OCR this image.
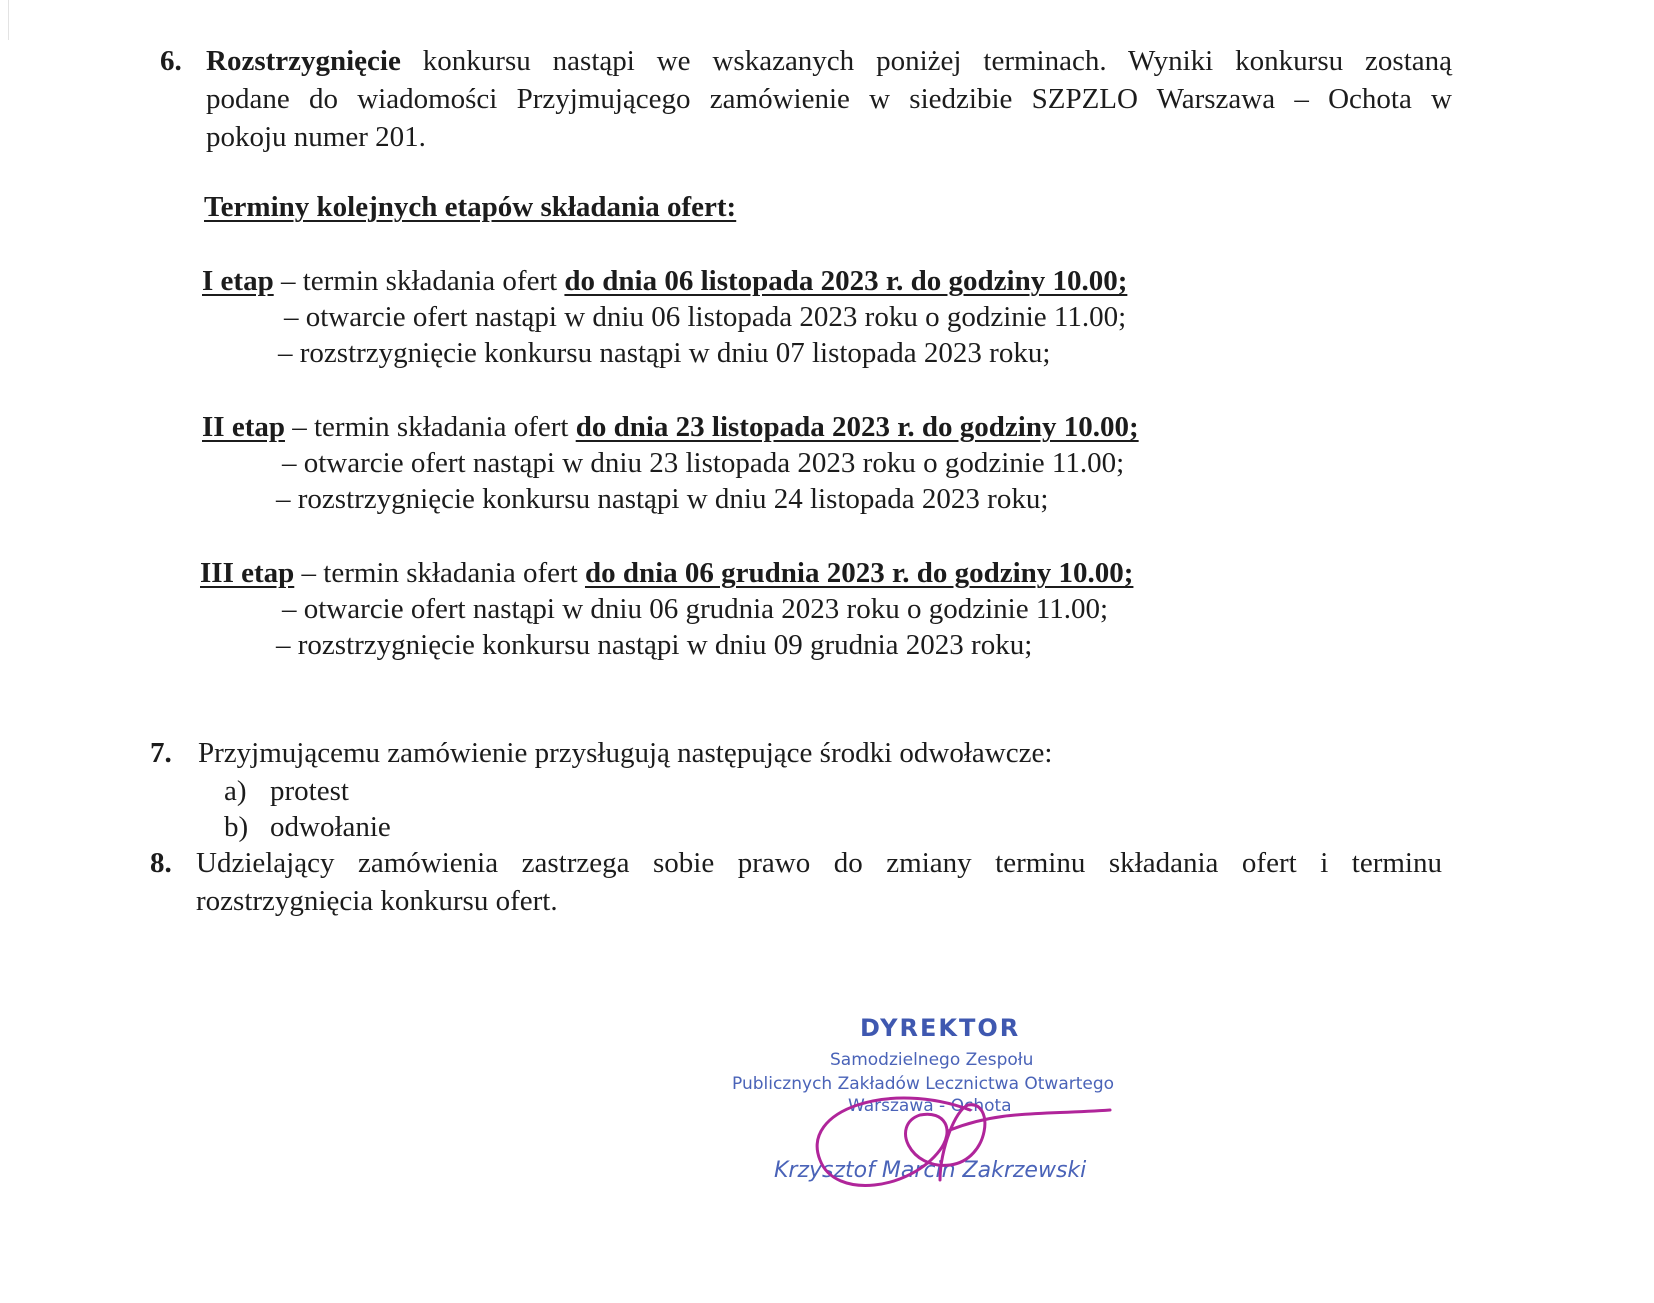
6. Rozstrzygnięcie konkursu nastąpi we wskazanych poniżej terminach. Wyniki konkursu zostaną
podane do wiadomości Przyjmującego zamówienie w siedzibie SZPZLO Warszawa – Ochota w
pokoju numer 201.
Terminy kolejnych etapów składania ofert:
I etap – termin składania ofert do dnia 06 listopada 2023 r. do godziny 10.00;
– otwarcie ofert nastąpi w dniu 06 listopada 2023 roku o godzinie 11.00;
– rozstrzygnięcie konkursu nastąpi w dniu 07 listopada 2023 roku;
II etap – termin składania ofert do dnia 23 listopada 2023 r. do godziny 10.00;
– otwarcie ofert nastąpi w dniu 23 listopada 2023 roku o godzinie 11.00;
– rozstrzygnięcie konkursu nastąpi w dniu 24 listopada 2023 roku;
III etap – termin składania ofert do dnia 06 grudnia 2023 r. do godziny 10.00;
– otwarcie ofert nastąpi w dniu 06 grudnia 2023 roku o godzinie 11.00;
– rozstrzygnięcie konkursu nastąpi w dniu 09 grudnia 2023 roku;
7. Przyjmującemu zamówienie przysługują następujące środki odwoławcze:
a) protest
b) odwołanie
8. Udzielający zamówienia zastrzega sobie prawo do zmiany terminu składania ofert i terminu
rozstrzygnięcia konkursu ofert.
DYREKTOR
Samodzielnego Zespołu
Publicznych Zakładów Lecznictwa Otwartego
Warszawa - Ochota
Krzysztof Marcin Zakrzewski
